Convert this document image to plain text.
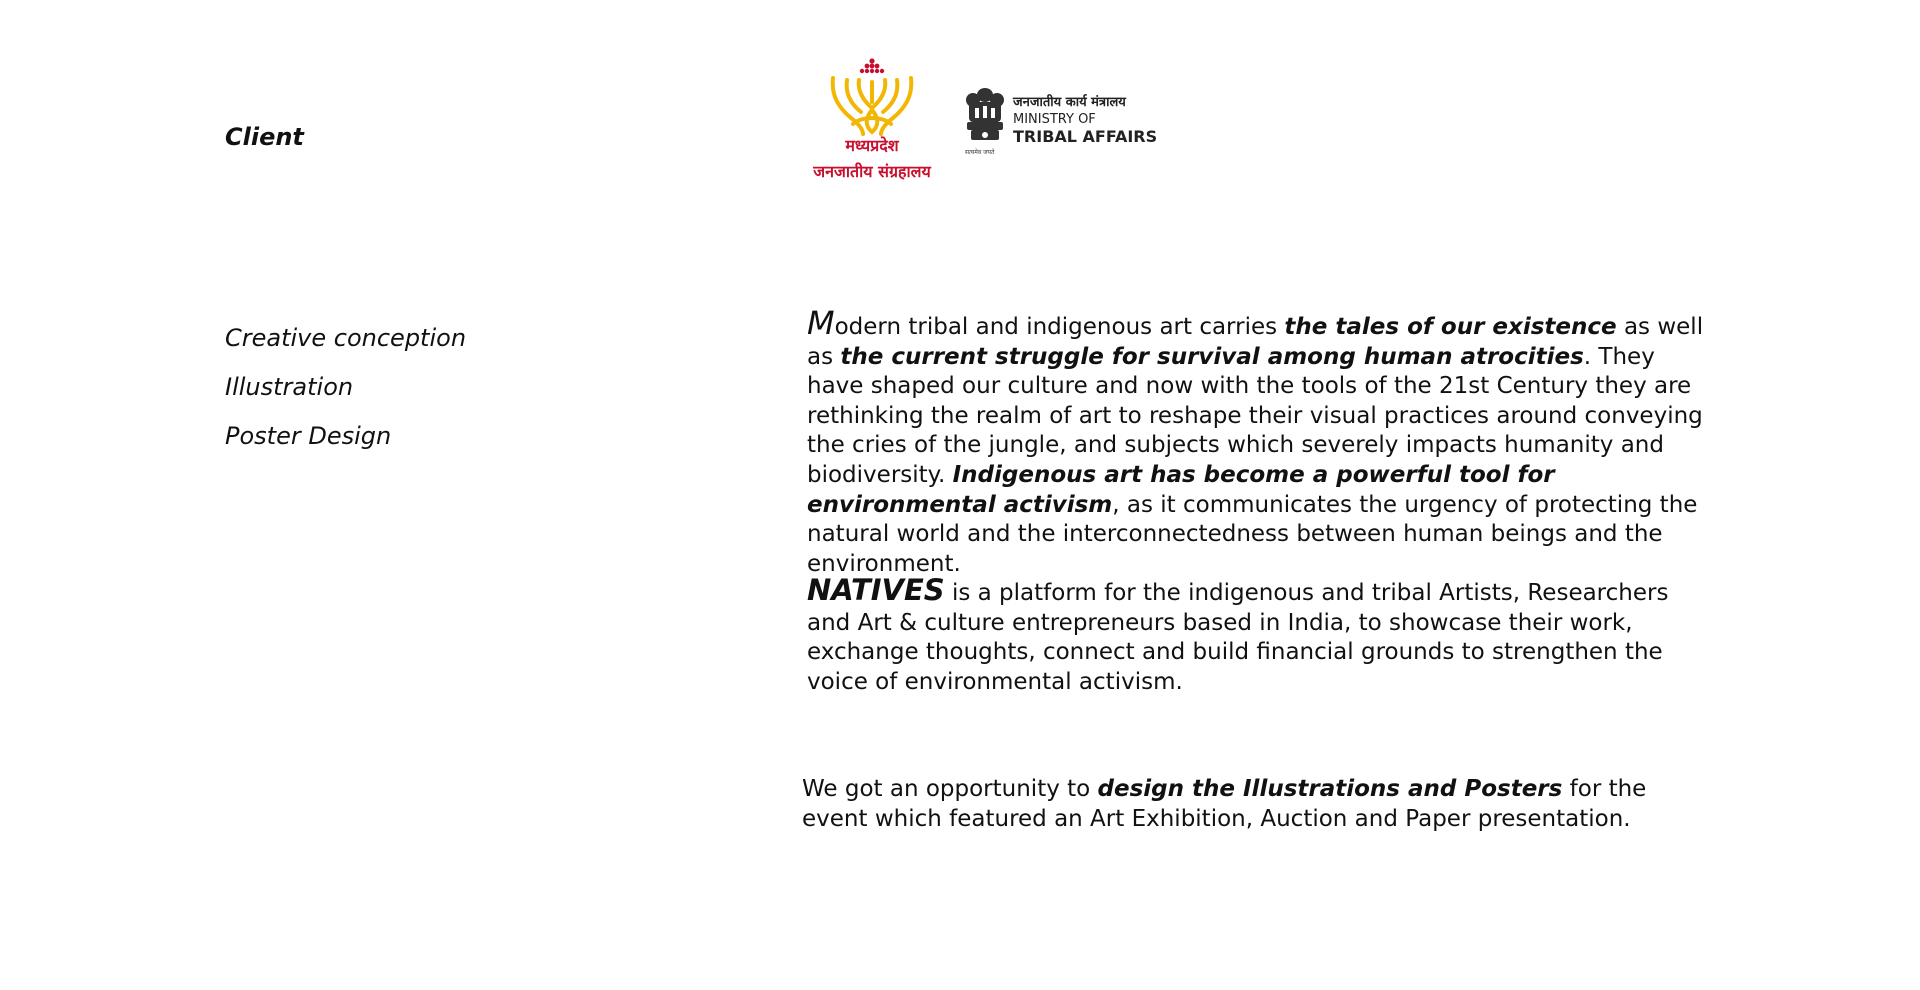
Client
Creative conception
Illustration
Poster Design
मध्यप्रदेश
जनजातीय संग्रहालय
सत्यमेव जयते
जनजातीय कार्य मंत्रालय
MINISTRY OF
TRIBAL AFFAIRS
Modern tribal and indigenous art carries the tales of our existence as well as the current struggle for survival among human atrocities. They have shaped our culture and now with the tools of the 21st Century they are rethinking the realm of art to reshape their visual practices around conveying the cries of the jungle, and subjects which severely impacts humanity and biodiversity. Indigenous art has become a powerful tool for environmental activism, as it communicates the urgency of protecting the natural world and the interconnectedness between human beings and the environment.
NATIVES is a platform for the indigenous and tribal Artists, Researchers and Art & culture entrepreneurs based in India, to showcase their work, exchange thoughts, connect and build financial grounds to strengthen the voice of environmental activism.
We got an opportunity to design the Illustrations and Posters for the event which featured an Art Exhibition, Auction and Paper presentation.
